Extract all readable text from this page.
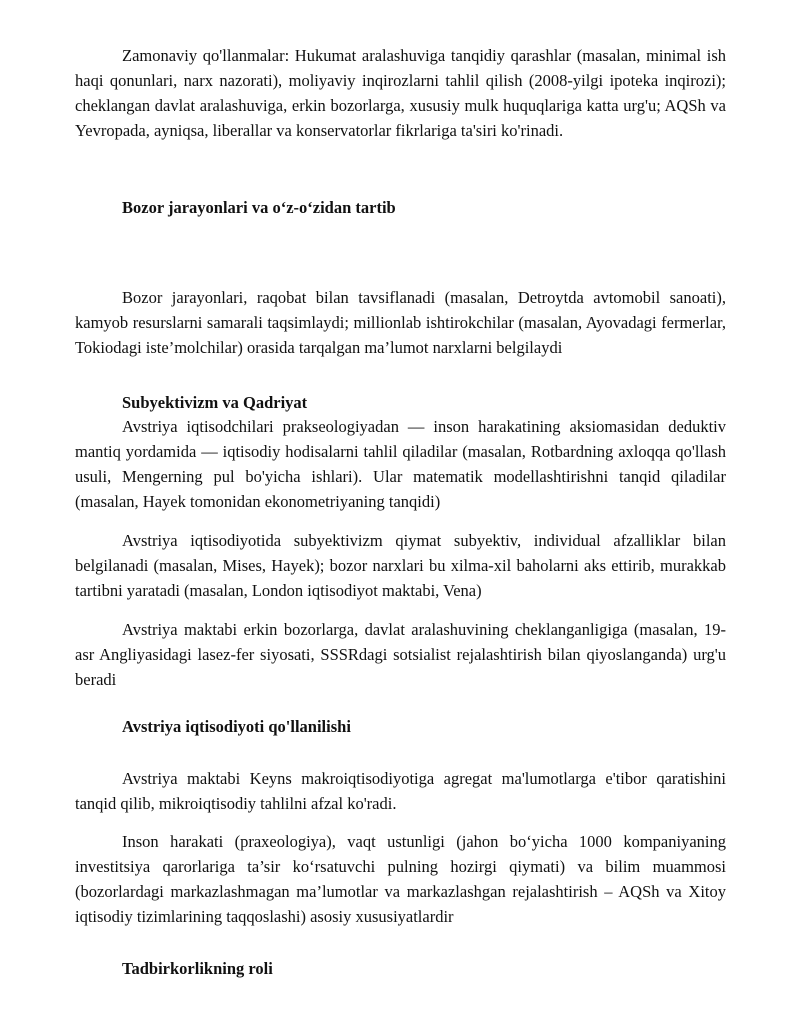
Zamonaviy qo'llanmalar: Hukumat aralashuviga tanqidiy qarashlar (masalan, minimal ish haqi qonunlari, narx nazorati), moliyaviy inqirozlarni tahlil qilish (2008-yilgi ipoteka inqirozi); cheklangan davlat aralashuviga, erkin bozorlarga, xususiy mulk huquqlariga katta urg'u; AQSh va Yevropada, ayniqsa, liberallar va konservatorlar fikrlariga ta'siri ko'rinadi.

Bozor jarayonlari va o‘z-o‘zidan tartib

Bozor jarayonlari, raqobat bilan tavsiflanadi (masalan, Detroytda avtomobil sanoati), kamyob resurslarni samarali taqsimlaydi; millionlab ishtirokchilar (masalan, Ayovadagi fermerlar, Tokiodagi iste’molchilar) orasida tarqalgan ma’lumot narxlarni belgilaydi

Subyektivizm va Qadriyat

Avstriya iqtisodchilari prakseologiyadan — inson harakatining aksiomasidan deduktiv mantiq yordamida — iqtisodiy hodisalarni tahlil qiladilar (masalan, Rotbardning axloqqa qo'llash usuli, Mengerning pul bo'yicha ishlari). Ular matematik modellashtirishni tanqid qiladilar (masalan, Hayek tomonidan ekonometriyaning tanqidi)

Avstriya iqtisodiyotida subyektivizm qiymat subyektiv, individual afzalliklar bilan belgilanadi (masalan, Mises, Hayek); bozor narxlari bu xilma-xil baholarni aks ettirib, murakkab tartibni yaratadi (masalan, London iqtisodiyot maktabi, Vena)

Avstriya maktabi erkin bozorlarga, davlat aralashuvining cheklanganligiga (masalan, 19-asr Angliyasidagi lasez-fer siyosati, SSSRdagi sotsialist rejalashtirish bilan qiyoslanganda) urg'u beradi

Avstriya iqtisodiyoti qo'llanilishi

Avstriya maktabi Keyns makroiqtisodiyotiga agregat ma'lumotlarga e'tibor qaratishini tanqid qilib, mikroiqtisodiy tahlilni afzal ko'radi.

Inson harakati (praxeologiya), vaqt ustunligi (jahon bo‘yicha 1000 kompaniyaning investitsiya qarorlariga ta’sir ko‘rsatuvchi pulning hozirgi qiymati) va bilim muammosi (bozorlardagi markazlashmagan ma’lumotlar va markazlashgan rejalashtirish – AQSh va Xitoy iqtisodiy tizimlarining taqqoslashi) asosiy xususiyatlardir

Tadbirkorlikning roli
